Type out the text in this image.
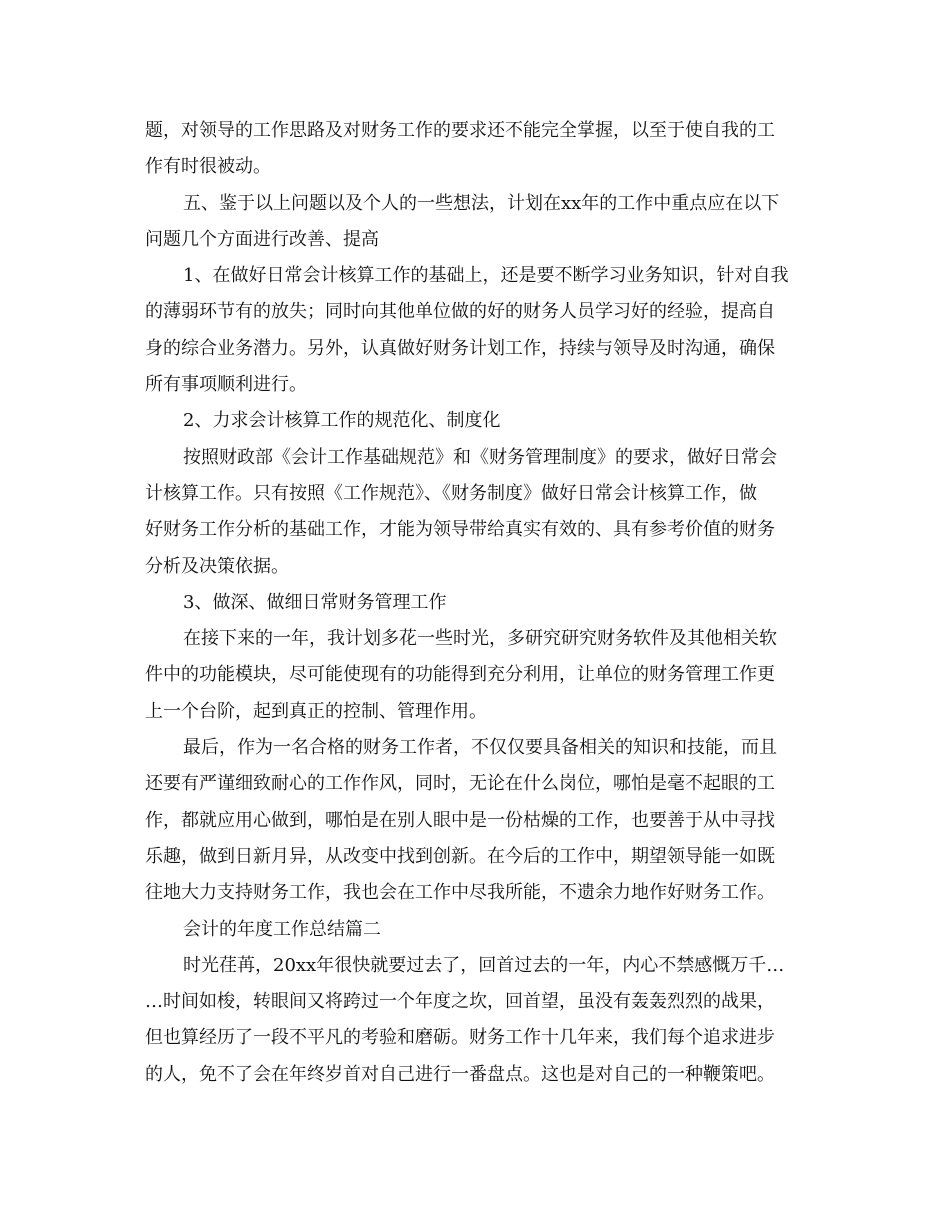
题，对领导的工作思路及对财务工作的要求还不能完全掌握，以至于使自我的工
作有时很被动。
五、鉴于以上问题以及个人的一些想法，计划在xx年的工作中重点应在以下
问题几个方面进行改善、提高
1、在做好日常会计核算工作的基础上，还是要不断学习业务知识，针对自我
的薄弱环节有的放失；同时向其他单位做的好的财务人员学习好的经验，提高自
身的综合业务潜力。另外，认真做好财务计划工作，持续与领导及时沟通，确保
所有事项顺利进行。
2、力求会计核算工作的规范化、制度化
按照财政部《会计工作基础规范》和《财务管理制度》的要求，做好日常会
计核算工作。只有按照《工作规范》、《财务制度》做好日常会计核算工作，做
好财务工作分析的基础工作，才能为领导带给真实有效的、具有参考价值的财务
分析及决策依据。
3、做深、做细日常财务管理工作
在接下来的一年，我计划多花一些时光，多研究研究财务软件及其他相关软
件中的功能模块，尽可能使现有的功能得到充分利用，让单位的财务管理工作更
上一个台阶，起到真正的控制、管理作用。
最后，作为一名合格的财务工作者，不仅仅要具备相关的知识和技能，而且
还要有严谨细致耐心的工作作风，同时，无论在什么岗位，哪怕是毫不起眼的工
作，都就应用心做到，哪怕是在别人眼中是一份枯燥的工作，也要善于从中寻找
乐趣，做到日新月异，从改变中找到创新。在今后的工作中，期望领导能一如既
往地大力支持财务工作，我也会在工作中尽我所能，不遗余力地作好财务工作。
会计的年度工作总结篇二
时光荏苒，20xx年很快就要过去了，回首过去的一年，内心不禁感慨万千…
…时间如梭，转眼间又将跨过一个年度之坎，回首望，虽没有轰轰烈烈的战果，
但也算经历了一段不平凡的考验和磨砺。财务工作十几年来，我们每个追求进步
的人，免不了会在年终岁首对自己进行一番盘点。这也是对自己的一种鞭策吧。
